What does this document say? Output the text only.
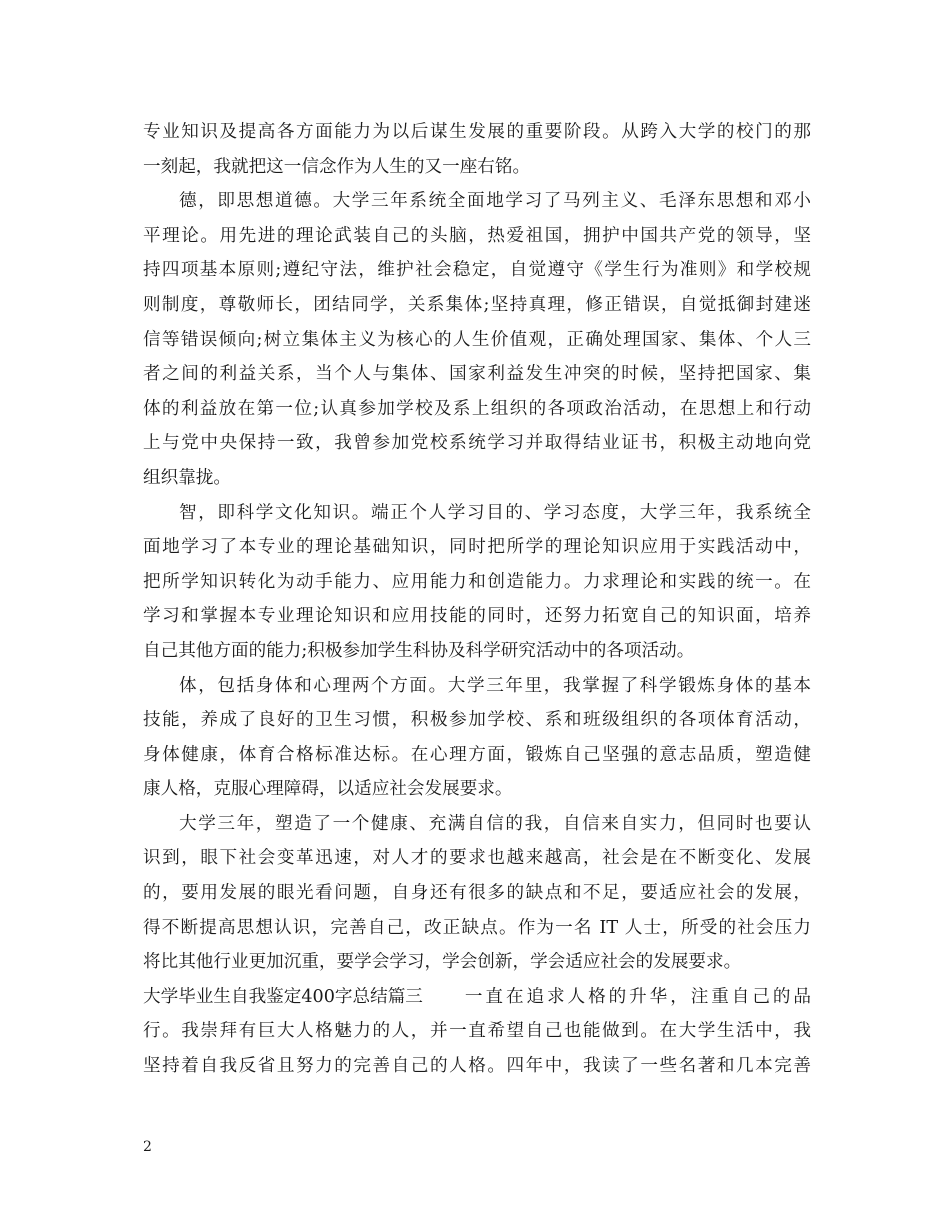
专业知识及提高各方面能力为以后谋生发展的重要阶段。从跨入大学的校门的那
一刻起，我就把这一信念作为人生的又一座右铭。
德，即思想道德。大学三年系统全面地学习了马列主义、毛泽东思想和邓小
平理论。用先进的理论武装自己的头脑，热爱祖国，拥护中国共产党的领导，坚
持四项基本原则;遵纪守法，维护社会稳定，自觉遵守《学生行为准则》和学校规
则制度，尊敬师长，团结同学，关系集体;坚持真理，修正错误，自觉抵御封建迷
信等错误倾向;树立集体主义为核心的人生价值观，正确处理国家、集体、个人三
者之间的利益关系，当个人与集体、国家利益发生冲突的时候，坚持把国家、集
体的利益放在第一位;认真参加学校及系上组织的各项政治活动，在思想上和行动
上与党中央保持一致，我曾参加党校系统学习并取得结业证书，积极主动地向党
组织靠拢。
智，即科学文化知识。端正个人学习目的、学习态度，大学三年，我系统全
面地学习了本专业的理论基础知识，同时把所学的理论知识应用于实践活动中，
把所学知识转化为动手能力、应用能力和创造能力。力求理论和实践的统一。在
学习和掌握本专业理论知识和应用技能的同时，还努力拓宽自己的知识面，培养
自己其他方面的能力;积极参加学生科协及科学研究活动中的各项活动。
体，包括身体和心理两个方面。大学三年里，我掌握了科学锻炼身体的基本
技能，养成了良好的卫生习惯，积极参加学校、系和班级组织的各项体育活动，
身体健康，体育合格标准达标。在心理方面，锻炼自己坚强的意志品质，塑造健
康人格，克服心理障碍，以适应社会发展要求。
大学三年，塑造了一个健康、充满自信的我，自信来自实力，但同时也要认
识到，眼下社会变革迅速，对人才的要求也越来越高，社会是在不断变化、发展
的，要用发展的眼光看问题，自身还有很多的缺点和不足，要适应社会的发展，
得不断提高思想认识，完善自己，改正缺点。作为一名 IT 人士，所受的社会压力
将比其他行业更加沉重，要学会学习，学会创新，学会适应社会的发展要求。
大学毕业生自我鉴定400字总结篇三 一直在追求人格的升华，注重自己的品
行。我崇拜有巨大人格魅力的人，并一直希望自己也能做到。在大学生活中，我
坚持着自我反省且努力的完善自己的人格。四年中，我读了一些名著和几本完善
2
